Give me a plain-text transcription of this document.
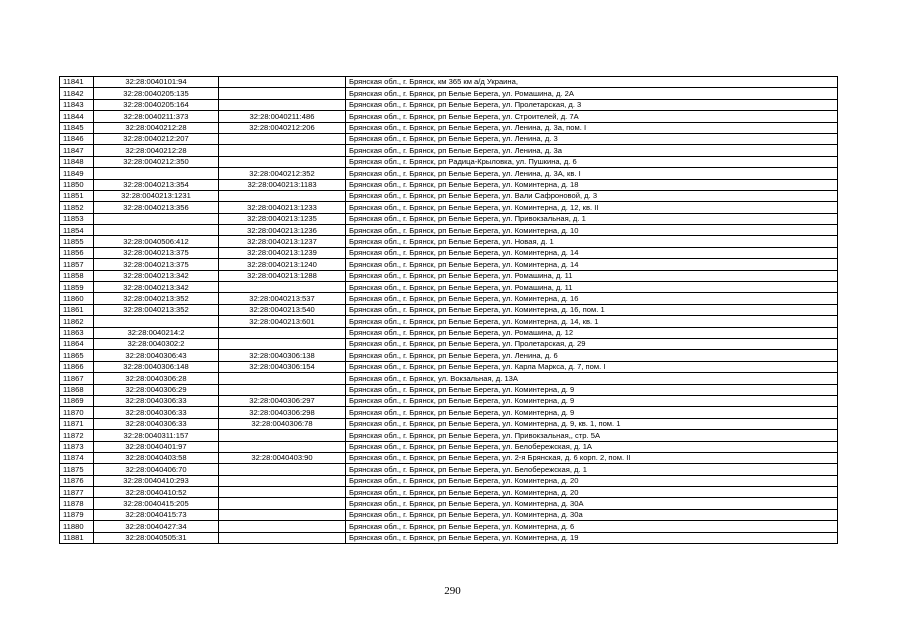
11841	32:28:0040101:94		Брянская обл., г. Брянск, км 365 км а/д Украина,
11842	32:28:0040205:135		Брянская обл., г. Брянск, рп Белые Берега, ул. Ромашина, д. 2А
11843	32:28:0040205:164		Брянская обл., г. Брянск, рп Белые Берега, ул. Пролетарская, д. 3
11844	32:28:0040211:373	32:28:0040211:486	Брянская обл., г. Брянск, рп Белые Берега, ул. Строителей, д. 7А
11845	32:28:0040212:28	32:28:0040212:206	Брянская обл., г. Брянск, рп Белые Берега, ул. Ленина, д. 3а, пом. I
11846	32:28:0040212:207		Брянская обл., г. Брянск, рп Белые Берега, ул. Ленина, д. 3
11847	32:28:0040212:28		Брянская обл., г. Брянск, рп Белые Берега, ул. Ленина, д. 3а
11848	32:28:0040212:350		Брянская обл., г. Брянск, рп Радица-Крыловка, ул. Пушкина, д. 6
11849		32:28:0040212:352	Брянская обл., г. Брянск, рп Белые Берега, ул. Ленина, д. 3А, кв. I
11850	32:28:0040213:354	32:28:0040213:1183	Брянская обл., г. Брянск, рп Белые Берега, ул. Коминтерна, д. 18
11851	32:28:0040213:1231		Брянская обл., г. Брянск, рп Белые Берега, ул. Вали Сафроновой, д. 3
11852	32:28:0040213:356	32:28:0040213:1233	Брянская обл., г. Брянск, рп Белые Берега, ул. Коминтерна, д. 12, кв. II
11853		32:28:0040213:1235	Брянская обл., г. Брянск, рп Белые Берега, ул. Привокзальная, д. 1
11854		32:28:0040213:1236	Брянская обл., г. Брянск, рп Белые Берега, ул. Коминтерна, д. 10
11855	32:28:0040506:412	32:28:0040213:1237	Брянская обл., г. Брянск, рп Белые Берега, ул. Новая, д. 1
11856	32:28:0040213:375	32:28:0040213:1239	Брянская обл., г. Брянск, рп Белые Берега, ул. Коминтерна, д. 14
11857	32:28:0040213:375	32:28:0040213:1240	Брянская обл., г. Брянск, рп Белые Берега, ул. Коминтерна, д. 14
11858	32:28:0040213:342	32:28:0040213:1288	Брянская обл., г. Брянск, рп Белые Берега, ул. Ромашина, д. 11
11859	32:28:0040213:342		Брянская обл., г. Брянск, рп Белые Берега, ул. Ромашина, д. 11
11860	32:28:0040213:352	32:28:0040213:537	Брянская обл., г. Брянск, рп Белые Берега, ул. Коминтерна, д. 16
11861	32:28:0040213:352	32:28:0040213:540	Брянская обл., г. Брянск, рп Белые Берега, ул. Коминтерна, д. 16, пом. 1
11862		32:28:0040213:601	Брянская обл., г. Брянск, рп Белые Берега, ул. Коминтерна, д. 14, кв. 1
11863	32:28:0040214:2		Брянская обл., г. Брянск, рп Белые Берега, ул. Ромашина, д. 12
11864	32:28:0040302:2		Брянская обл., г. Брянск, рп Белые Берега, ул. Пролетарская, д. 29
11865	32:28:0040306:43	32:28:0040306:138	Брянская обл., г. Брянск, рп Белые Берега, ул. Ленина, д. 6
11866	32:28:0040306:148	32:28:0040306:154	Брянская обл., г. Брянск, рп Белые Берега, ул. Карла Маркса, д. 7, пом. I
11867	32:28:0040306:28		Брянская обл., г. Брянск, ул. Вокзальная, д. 13А
11868	32:28:0040306:29		Брянская обл., г. Брянск, рп Белые Берега, ул. Коминтерна, д. 9
11869	32:28:0040306:33	32:28:0040306:297	Брянская обл., г. Брянск, рп Белые Берега, ул. Коминтерна, д. 9
11870	32:28:0040306:33	32:28:0040306:298	Брянская обл., г. Брянск, рп Белые Берега, ул. Коминтерна, д. 9
11871	32:28:0040306:33	32:28:0040306:78	Брянская обл., г. Брянск, рп Белые Берега, ул. Коминтерна, д. 9, кв. 1, пом. 1
11872	32:28:0040311:157		Брянская обл., г. Брянск, рп Белые Берега, ул. Привокзальная,, стр. 5А
11873	32:28:0040401:97		Брянская обл., г. Брянск, рп Белые Берега, ул. Белобережская, д. 1А
11874	32:28:0040403:58	32:28:0040403:90	Брянская обл., г. Брянск, рп Белые Берега, ул. 2-я Брянская, д. 6 корп. 2, пом. II
11875	32:28:0040406:70		Брянская обл., г. Брянск, рп Белые Берега, ул. Белобережская, д. 1
11876	32:28:0040410:293		Брянская обл., г. Брянск, рп Белые Берега, ул. Коминтерна, д. 20
11877	32:28:0040410:52		Брянская обл., г. Брянск, рп Белые Берега, ул. Коминтерна, д. 20
11878	32:28:0040415:205		Брянская обл., г. Брянск, рп Белые Берега, ул. Коминтерна, д. 30А
11879	32:28:0040415:73		Брянская обл., г. Брянск, рп Белые Берега, ул. Коминтерна, д. 30а
11880	32:28:0040427:34		Брянская обл., г. Брянск, рп Белые Берега, ул. Коминтерна, д. 6
11881	32:28:0040505:31		Брянская обл., г. Брянск, рп Белые Берега, ул. Коминтерна, д. 19
290
